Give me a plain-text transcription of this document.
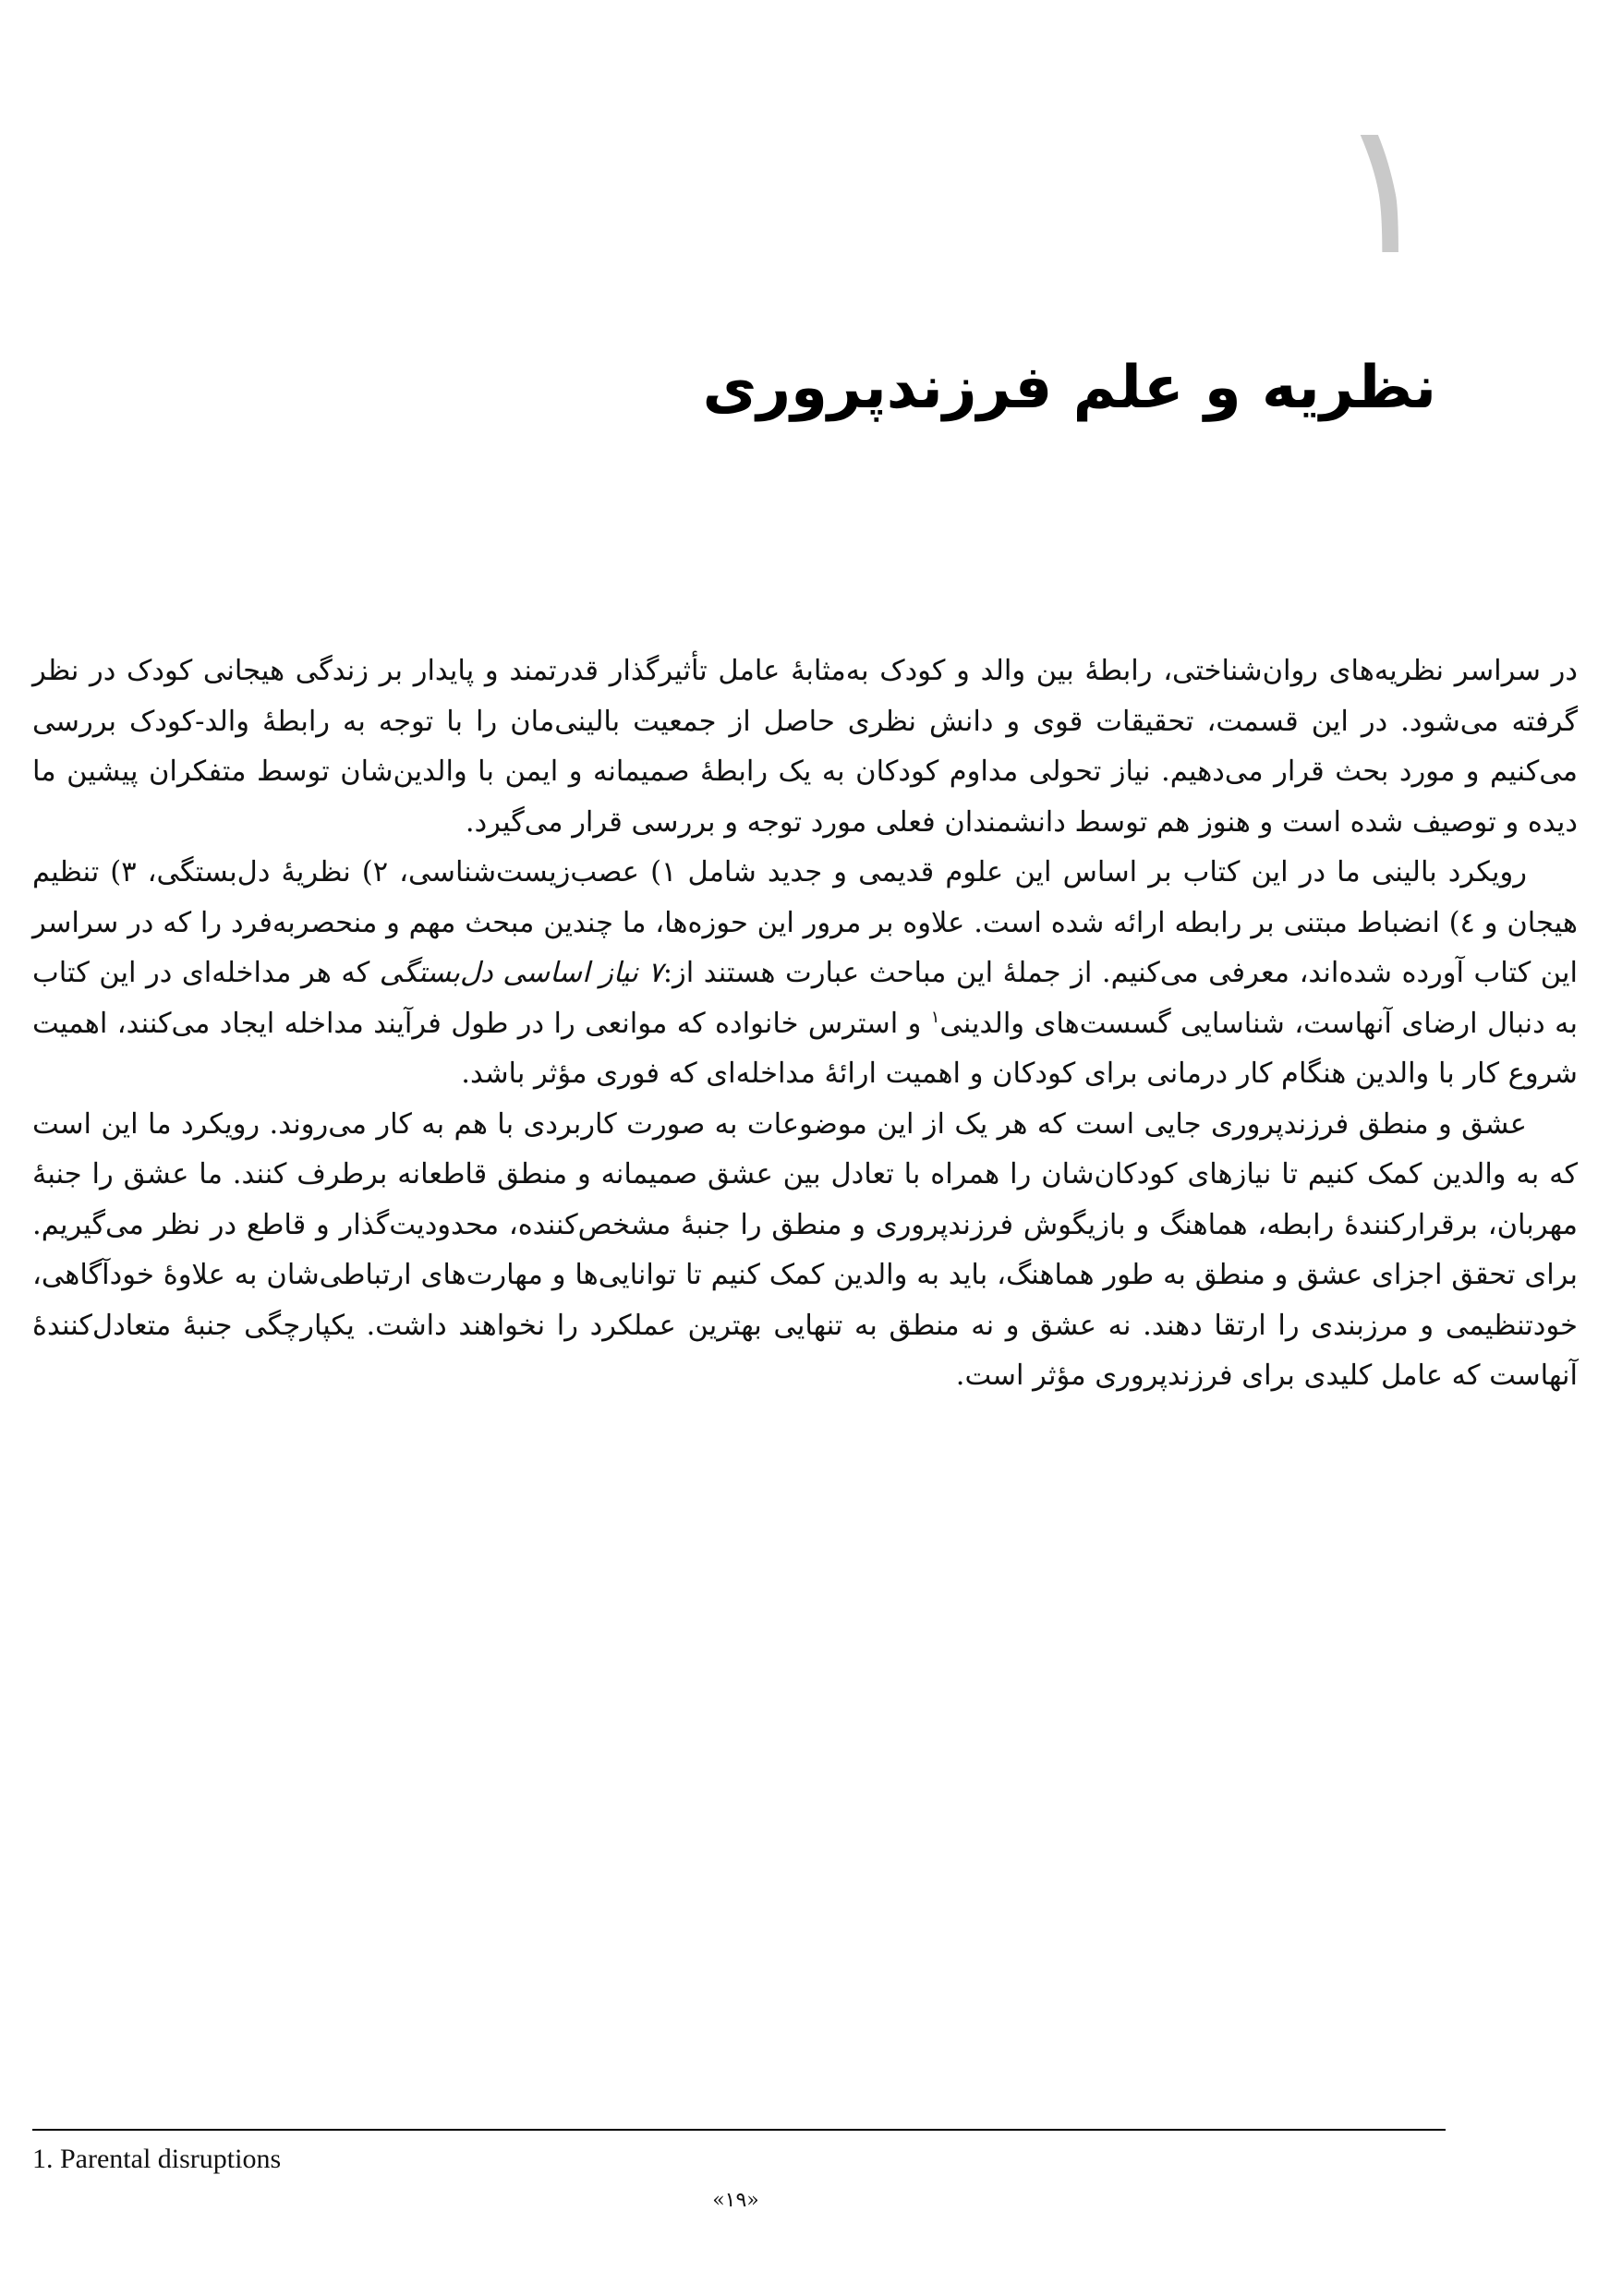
۱
نظریه و علم فرزندپروری

در سراسر نظریه‌های روان‌شناختی، رابطهٔ بین والد و کودک به‌مثابهٔ عامل تأثیرگذار قدرتمند و پایدار بر زندگی هیجانی کودک در نظر گرفته می‌شود. در این قسمت، تحقیقات قوی و دانش نظری حاصل از جمعیت بالینی‌مان را با توجه به رابطهٔ والد-کودک بررسی می‌کنیم و مورد بحث قرار می‌دهیم. نیاز تحولی مداوم کودکان به یک رابطهٔ صمیمانه و ایمن با والدین‌شان توسط متفکران پیشین ما دیده و توصیف شده است و هنوز هم توسط دانشمندان فعلی مورد توجه و بررسی قرار می‌گیرد.

رویکرد بالینی ما در این کتاب بر اساس این علوم قدیمی و جدید شامل ۱) عصب‌زیست‌شناسی، ۲) نظریهٔ دل‌بستگی، ۳) تنظیم هیجان و ٤) انضباط مبتنی بر رابطه ارائه شده است. علاوه بر مرور این حوزه‌ها، ما چندین مبحث مهم و منحصربه‌فرد را که در سراسر این کتاب آورده شده‌اند، معرفی می‌کنیم. از جملهٔ این مباحث عبارت هستند از:۷ نیاز اساسی دل‌بستگی که هر مداخله‌ای در این کتاب به دنبال ارضای آنهاست، شناسایی گسست‌های والدینی$^۱$ و استرس خانواده که موانعی را در طول فرآیند مداخله ایجاد می‌کنند، اهمیت شروع کار با والدین هنگام کار درمانی برای کودکان و اهمیت ارائهٔ مداخله‌ای که فوری مؤثر باشد.

عشق و منطق فرزندپروری جایی است که هر یک از این موضوعات به صورت کاربردی با هم به کار می‌روند. رویکرد ما این است که به والدین کمک کنیم تا نیازهای کودکان‌شان را همراه با تعادل بین عشق صمیمانه و منطق قاطعانه برطرف کنند. ما عشق را جنبهٔ مهربان، برقرارکنندهٔ رابطه، هماهنگ و بازیگوش فرزندپروری و منطق را جنبهٔ مشخص‌کننده، محدودیت‌گذار و قاطع در نظر می‌گیریم. برای تحقق اجزای عشق و منطق به طور هماهنگ، باید به والدین کمک کنیم تا توانایی‌ها و مهارت‌های ارتباطی‌شان به علاوهٔ خودآگاهی، خودتنظیمی و مرزبندی را ارتقا دهند. نه عشق و نه منطق به تنهایی بهترین عملکرد را نخواهند داشت. یکپارچگی جنبهٔ متعادل‌کنندهٔ آنهاست که عامل کلیدی برای فرزندپروری مؤثر است.

1. Parental disruptions
«۱۹»
